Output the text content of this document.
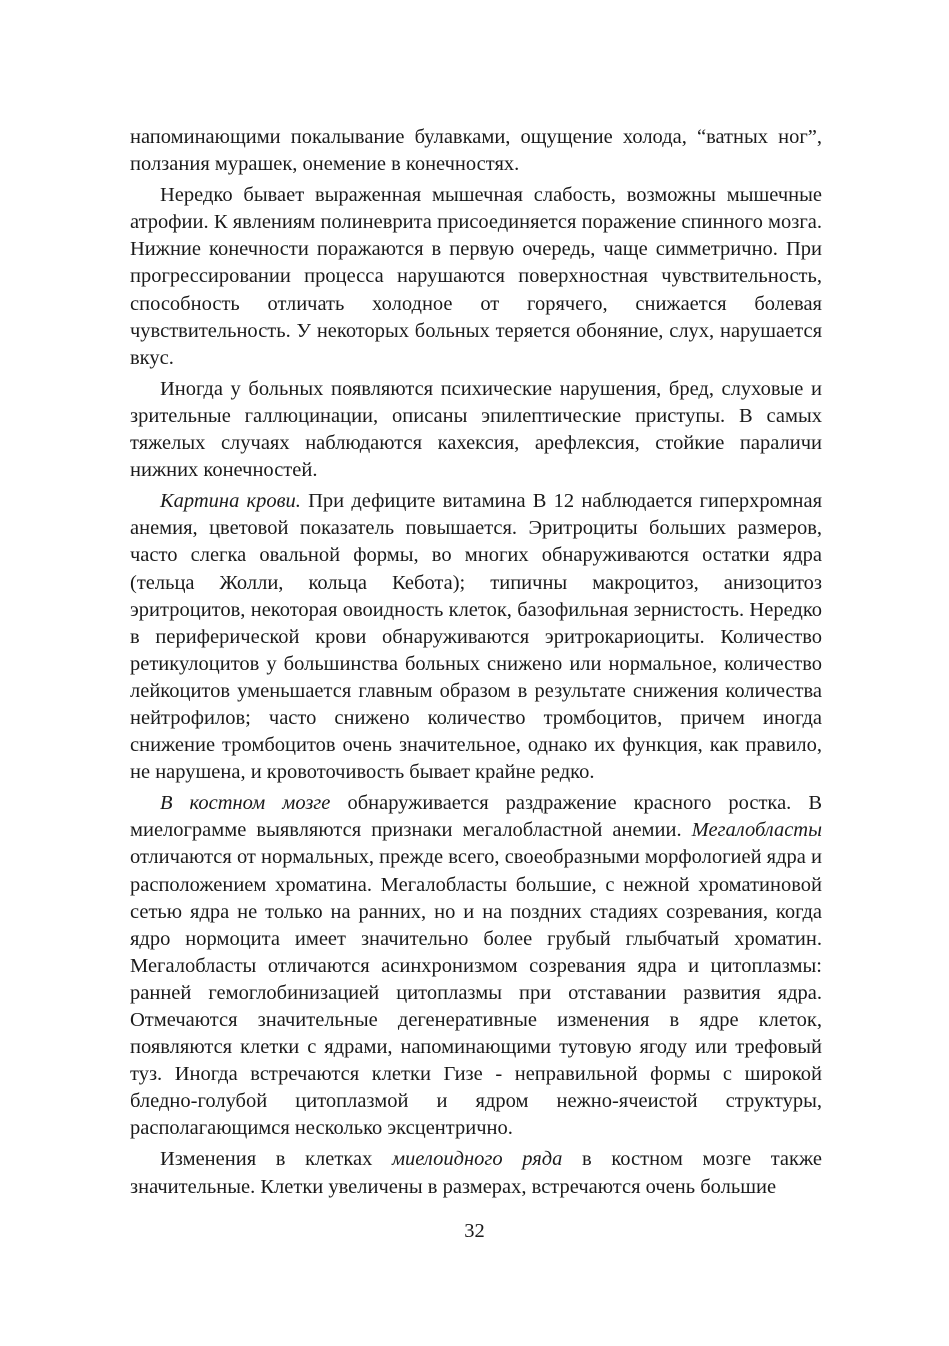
напоминающими покалывание булавками, ощущение холода, “ватных ног”, ползания мурашек, онемение в конечностях.

Нередко бывает выраженная мышечная слабость, возможны мышечные атрофии. К явлениям полиневрита присоединяется поражение спинного мозга. Нижние конечности поражаются в первую очередь, чаще симметрично. При прогрессировании процесса нарушаются поверхностная чувствительность, способность отличать холодное от горячего, снижается болевая чувствительность. У некоторых больных теряется обоняние, слух, нарушается вкус.

Иногда у больных появляются психические нарушения, бред, слуховые и зрительные галлюцинации, описаны эпилептические приступы. В самых тяжелых случаях наблюдаются кахексия, арефлексия, стойкие параличи нижних конечностей.

Картина крови. При дефиците витамина В 12 наблюдается гиперхромная анемия, цветовой показатель повышается. Эритроциты больших размеров, часто слегка овальной формы, во многих обнаруживаются остатки ядра (тельца Жолли, кольца Кебота); типичны макроцитоз, анизоцитоз эритроцитов, некоторая овоидность клеток, базофильная зернистость. Нередко в периферической крови обнаруживаются эритрокариоциты. Количество ретикулоцитов у большинства больных снижено или нормальное, количество лейкоцитов уменьшается главным образом в результате снижения количества нейтрофилов; часто снижено количество тромбоцитов, причем иногда снижение тромбоцитов очень значительное, однако их функция, как правило, не нарушена, и кровоточивость бывает крайне редко.

В костном мозге обнаруживается раздражение красного ростка. В миелограмме выявляются признаки мегалобластной анемии. Мегалобласты отличаются от нормальных, прежде всего, своеобразными морфологией ядра и расположением хроматина. Мегалобласты большие, с нежной хроматиновой сетью ядра не только на ранних, но и на поздних стадиях созревания, когда ядро нормоцита имеет значительно более грубый глыбчатый хроматин. Мегалобласты отличаются асинхронизмом созревания ядра и цитоплазмы: ранней гемоглобинизацией цитоплазмы при отставании развития ядра. Отмечаются значительные дегенеративные изменения в ядре клеток, появляются клетки с ядрами, напоминающими тутовую ягоду или трефовый туз. Иногда встречаются клетки Гизе - неправильной формы с широкой бледно-голубой цитоплазмой и ядром нежно-ячеистой структуры, располагающимся несколько эксцентрично.

Изменения в клетках миелоидного ряда в костном мозге также значительные. Клетки увеличены в размерах, встречаются очень большие

32
